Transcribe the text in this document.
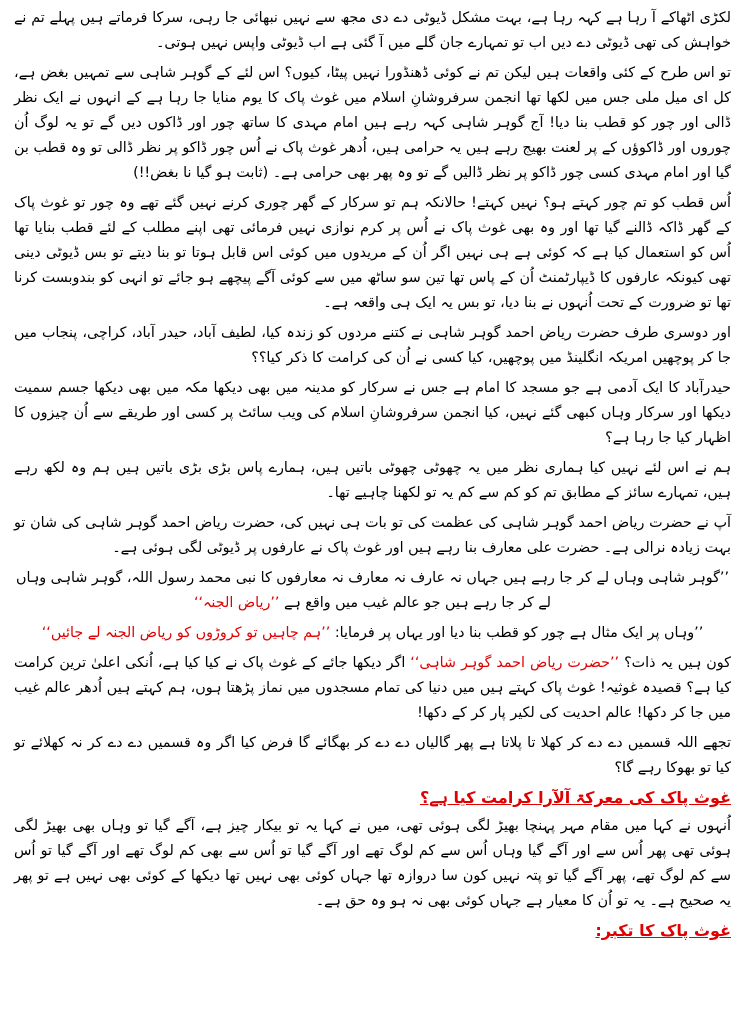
لکڑی اٹھاکے آ رہا ہے کہہ رہا ہے، بہت مشکل ڈیوٹی دے دی مجھ سے نہیں نبھائی جا رہی، سرکا فرماتے ہیں پہلے تم نے خواہش کی تھی ڈیوٹی دے دیں اب تو تمہارے جان گلے میں آ گئی ہے اب ڈیوٹی واپس نہیں ہوتی۔

تو اس طرح کے کئی واقعات ہیں لیکن تم نے کوئی ڈھنڈورا نہیں پیٹا، کیوں؟ اس لئے کے گوہر شاہی سے تمہیں بغض ہے، کل ای میل ملی جس میں لکھا تھا انجمن سرفروشانِ اسلام میں غوث پاک کا یوم منایا جا رہا ہے کے انہوں نے ایک نظر ڈالی اور چور کو قطب بنا دیا! آج گوہر شاہی کہہ رہے ہیں امام مہدی کا ساتھ چور اور ڈاکوں دیں گے تو یہ لوگ اُن چوروں اور ڈاکوؤں کے پر لعنت بھیج رہے ہیں یہ حرامی ہیں، اُدھر غوث پاک نے اُس چور ڈاکو پر نظر ڈالی تو وہ قطب بن گیا اور امام مہدی کسی چور ڈاکو پر نظر ڈالیں گے تو وہ پھر بھی حرامی ہے۔ (ثابت ہو گیا نا بغض!!)

اُس قطب کو تم چور کہتے ہو؟ نہیں کہتے! حالانکہ ہم تو سرکار کے گھر چوری کرنے نہیں گئے تھے وہ چور تو غوث پاک کے گھر ڈاکہ ڈالنے گیا تھا اور وہ بھی غوث پاک نے اُس پر کرم نوازی نہیں فرمائی تھی اپنے مطلب کے لئے قطب بنایا تھا اُس کو استعمال کیا ہے کہ کوئی ہے ہی نہیں اگر اُن کے مریدوں میں کوئی اس قابل ہوتا تو بنا دیتے تو بس ڈیوٹی دینی تھی کیونکہ عارفوں کا ڈیپارٹمنٹ اُن کے پاس تھا تین سو ساٹھ میں سے کوئی آگے پیچھے ہو جائے تو انہی کو بندوبست کرنا تھا تو ضرورت کے تحت اُنہوں نے بنا دیا، تو بس یہ ایک ہی واقعہ ہے۔

اور دوسری طرف حضرت ریاض احمد گوہر شاہی نے کتنے مردوں کو زندہ کیا، لطیف آباد، حیدر آباد، کراچی، پنجاب میں جا کر پوچھیں امریکہ انگلینڈ میں پوچھیں، کیا کسی نے اُن کی کرامت کا ذکر کیا؟؟

حیدرآباد کا ایک آدمی ہے جو مسجد کا امام ہے جس نے سرکار کو مدینہ میں بھی دیکھا مکہ میں بھی دیکھا جسم سمیت دیکھا اور سرکار وہاں کبھی گئے نہیں، کیا انجمن سرفروشانِ اسلام کی ویب سائٹ پر کسی اور طریقے سے اُن چیزوں کا اظہار کیا جا رہا ہے؟

ہم نے اس لئے نہیں کیا ہماری نظر میں یہ چھوٹی چھوٹی باتیں ہیں، ہمارے پاس بڑی بڑی باتیں ہیں ہم وہ لکھ رہے ہیں، تمہارے سائز کے مطابق تم کو کم سے کم یہ تو لکھنا چاہیے تھا۔

آپ نے حضرت ریاض احمد گوہر شاہی کی عظمت کی تو بات ہی نہیں کی، حضرت ریاض احمد گوہر شاہی کی شان تو بہت زیادہ نرالی ہے۔ حضرت علی معارف بنا رہے ہیں اور غوث پاک نے عارفوں پر ڈیوٹی لگی ہوئی ہے۔

’’گوہر شاہی وہاں لے کر جا رہے ہیں جہاں نہ عارف نہ معارف نہ معارفوں کا نبی محمد رسول اللہ، گوہر شاہی وہاں لے کر جا رہے ہیں جو عالم غیب میں واقع ہے ’’ریاض الجنہ‘‘

’’وہاں پر ایک مثال ہے چور کو قطب بنا دیا اور یہاں پر فرمایا: ’’ہم چاہیں تو کروڑوں کو ریاض الجنہ لے جائیں‘‘

کون ہیں یہ ذات؟ ’’حضرت ریاض احمد گوہر شاہی‘‘ اگر دیکھا جائے کے غوث پاک نے کیا کیا ہے، اُنکی اعلیٰ ترین کرامت کیا ہے؟ قصیدہ غوثیہ! غوث پاک کہتے ہیں میں دنیا کی تمام مسجدوں میں نماز پڑھتا ہوں، ہم کہتے ہیں اُدھر عالم غیب میں جا کر دکھا! عالم احدیت کی لکیر پار کر کے دکھا!

تجھے اللہ قسمیں دے دے کر کھلا تا پلاتا ہے پھر گالیاں دے دے کر بھگائے گا فرض کیا اگر وہ قسمیں دے دے کر نہ کھلائے تو کیا تو بھوکا رہے گا؟

غوث پاک کی معرکۃ آلآرا کرامت کیا ہے؟

اُنہوں نے کہا میں مقام مہر پہنچا بھیڑ لگی ہوئی تھی، میں نے کہا یہ تو بیکار چیز ہے، آگے گیا تو وہاں بھی بھیڑ لگی ہوئی تھی پھر اُس سے اور آگے گیا وہاں اُس سے کم لوگ تھے اور آگے گیا تو اُس سے بھی کم لوگ تھے اور آگے گیا تو اُس سے کم لوگ تھے، پھر آگے گیا تو پتہ نہیں کون سا دروازہ تھا جہاں کوئی بھی نہیں تھا دیکھا کے کوئی بھی نہیں ہے تو پھر یہ صحیح ہے۔ یہ تو اُن کا معیار ہے جہاں کوئی بھی نہ ہو وہ حق ہے۔

غوث پاک کا تکبر:
